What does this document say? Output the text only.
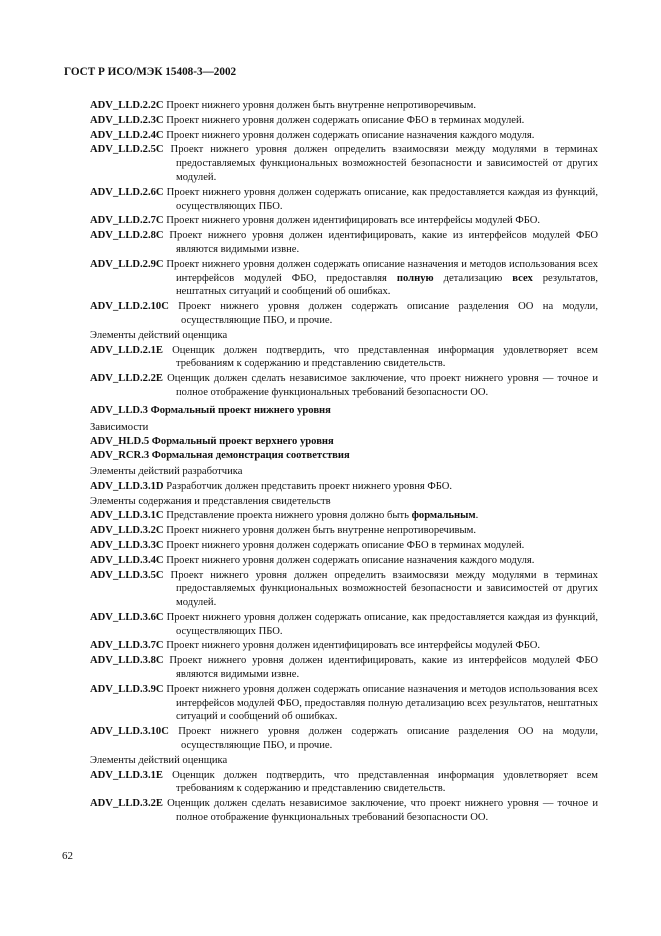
ГОСТ Р ИСО/МЭК 15408-3—2002

ADV_LLD.2.2C Проект нижнего уровня должен быть внутренне непротиворечивым.

ADV_LLD.2.3C Проект нижнего уровня должен содержать описание ФБО в терминах модулей.

ADV_LLD.2.4C Проект нижнего уровня должен содержать описание назначения каждого модуля.

ADV_LLD.2.5C Проект нижнего уровня должен определить взаимосвязи между модулями в терминах предоставляемых функциональных возможностей безопасности и зависимостей от других модулей.

ADV_LLD.2.6C Проект нижнего уровня должен содержать описание, как предоставляется каждая из функций, осуществляющих ПБО.

ADV_LLD.2.7C Проект нижнего уровня должен идентифицировать все интерфейсы модулей ФБО.

ADV_LLD.2.8C Проект нижнего уровня должен идентифицировать, какие из интерфейсов модулей ФБО являются видимыми извне.

ADV_LLD.2.9C Проект нижнего уровня должен содержать описание назначения и методов использования всех интерфейсов модулей ФБО, предоставляя полную детализацию всех результатов, нештатных ситуаций и сообщений об ошибках.

ADV_LLD.2.10C Проект нижнего уровня должен содержать описание разделения ОО на модули, осуществляющие ПБО, и прочие.

Элементы действий оценщика

ADV_LLD.2.1E Оценщик должен подтвердить, что представленная информация удовлетворяет всем требованиям к содержанию и представлению свидетельств.

ADV_LLD.2.2E Оценщик должен сделать независимое заключение, что проект нижнего уровня — точное и полное отображение функциональных требований безопасности ОО.

ADV_LLD.3 Формальный проект нижнего уровня

Зависимости

ADV_HLD.5 Формальный проект верхнего уровня

ADV_RCR.3 Формальная демонстрация соответствия

Элементы действий разработчика

ADV_LLD.3.1D Разработчик должен представить проект нижнего уровня ФБО.

Элементы содержания и представления свидетельств

ADV_LLD.3.1C Представление проекта нижнего уровня должно быть формальным.

ADV_LLD.3.2C Проект нижнего уровня должен быть внутренне непротиворечивым.

ADV_LLD.3.3C Проект нижнего уровня должен содержать описание ФБО в терминах модулей.

ADV_LLD.3.4C Проект нижнего уровня должен содержать описание назначения каждого модуля.

ADV_LLD.3.5C Проект нижнего уровня должен определить взаимосвязи между модулями в терминах предоставляемых функциональных возможностей безопасности и зависимостей от других модулей.

ADV_LLD.3.6C Проект нижнего уровня должен содержать описание, как предоставляется каждая из функций, осуществляющих ПБО.

ADV_LLD.3.7C Проект нижнего уровня должен идентифицировать все интерфейсы модулей ФБО.

ADV_LLD.3.8C Проект нижнего уровня должен идентифицировать, какие из интерфейсов модулей ФБО являются видимыми извне.

ADV_LLD.3.9C Проект нижнего уровня должен содержать описание назначения и методов использования всех интерфейсов модулей ФБО, предоставляя полную детализацию всех результатов, нештатных ситуаций и сообщений об ошибках.

ADV_LLD.3.10C Проект нижнего уровня должен содержать описание разделения ОО на модули, осуществляющие ПБО, и прочие.

Элементы действий оценщика

ADV_LLD.3.1E Оценщик должен подтвердить, что представленная информация удовлетворяет всем требованиям к содержанию и представлению свидетельств.

ADV_LLD.3.2E Оценщик должен сделать независимое заключение, что проект нижнего уровня — точное и полное отображение функциональных требований безопасности ОО.

62
